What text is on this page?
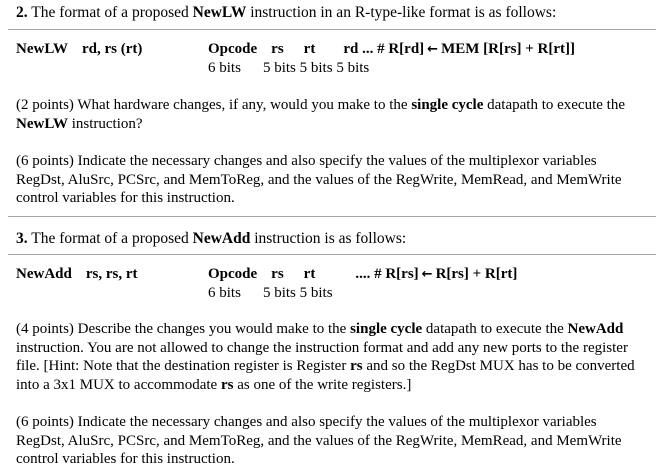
2. The format of a proposed NewLW instruction in an R-type-like format is as follows:
NewLW rd, rs (rt)	Opcode rs rt rd ... # R[rd] ← MEM [R[rs] + R[rt]]
6 bits 5 bits 5 bits 5 bits
(2 points) What hardware changes, if any, would you make to the single cycle datapath to execute the NewLW instruction?
(6 points) Indicate the necessary changes and also specify the values of the multiplexor variables RegDst, AluSrc, PCSrc, and MemToReg, and the values of the RegWrite, MemRead, and MemWrite control variables for this instruction.
3. The format of a proposed NewAdd instruction is as follows:
NewAdd rs, rs, rt	Opcode rs rt	.... # R[rs] ← R[rs] + R[rt]
6 bits 5 bits 5 bits
(4 points) Describe the changes you would make to the single cycle datapath to execute the NewAdd instruction. You are not allowed to change the instruction format and add any new ports to the register file. [Hint: Note that the destination register is Register rs and so the RegDst MUX has to be converted into a 3x1 MUX to accommodate rs as one of the write registers.]
(6 points) Indicate the necessary changes and also specify the values of the multiplexor variables RegDst, AluSrc, PCSrc, and MemToReg, and the values of the RegWrite, MemRead, and MemWrite control variables for this instruction.
